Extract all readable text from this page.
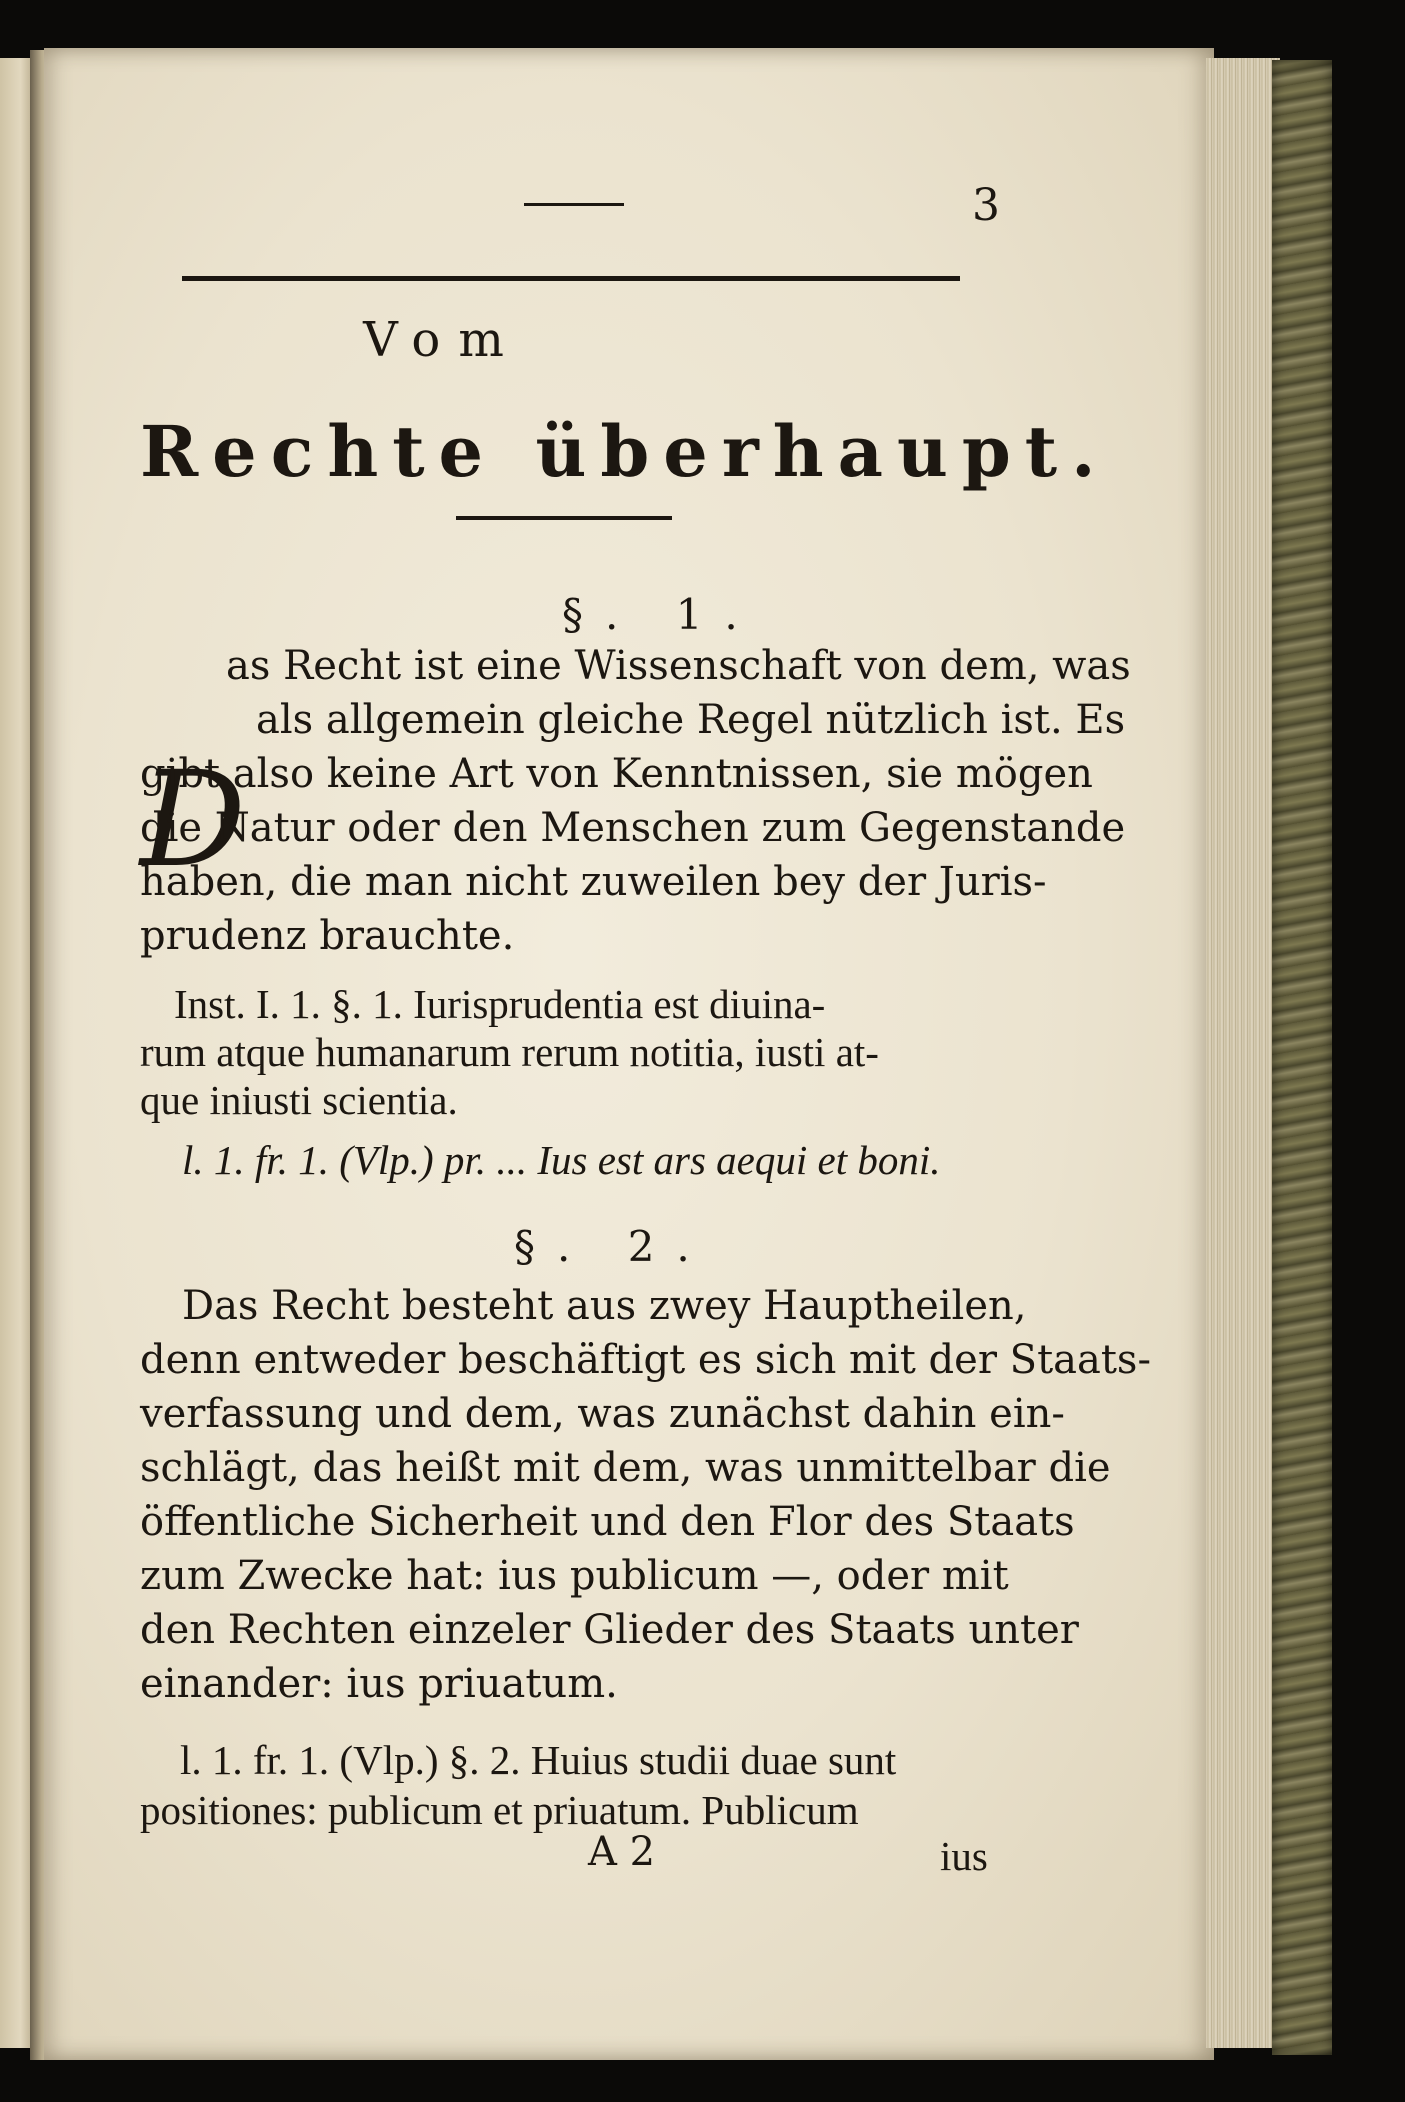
3

Vom

Rechte überhaupt.

§. 1.

D

as Recht ist eine Wissenschaft von dem, was

als allgemein gleiche Regel nützlich ist. Es

gibt also keine Art von Kenntnissen, sie mögen

die Natur oder den Menschen zum Gegenstande

haben, die man nicht zuweilen bey der Juris-

prudenz brauchte.

Inst. I. 1. §. 1. Iurisprudentia est diuina-

rum atque humanarum rerum notitia, iusti at-

que iniusti scientia.

l. 1. fr. 1. (Vlp.) pr. ... Ius est ars aequi et boni.

§. 2.

Das Recht besteht aus zwey Hauptheilen,

denn entweder beschäftigt es sich mit der Staats-

verfassung und dem, was zunächst dahin ein-

schlägt, das heißt mit dem, was unmittelbar die

öffentliche Sicherheit und den Flor des Staats

zum Zwecke hat: ius publicum —, oder mit

den Rechten einzeler Glieder des Staats unter

einander: ius priuatum.

l. 1. fr. 1. (Vlp.) §. 2. Huius studii duae sunt

positiones: publicum et priuatum. Publicum

A 2	ius
